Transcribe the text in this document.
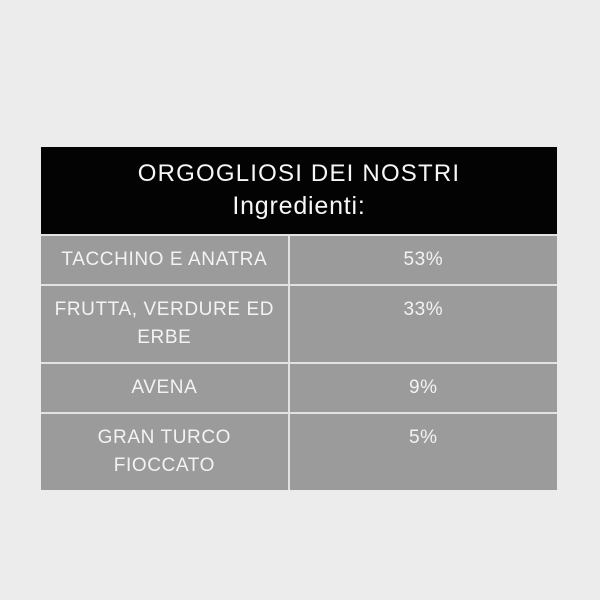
ORGOGLIOSI DEI NOSTRI
Ingredienti:
TACCHINO E ANATRA	53%
FRUTTA, VERDURE ED ERBE
33%
AVENA	9%
GRAN TURCO FIOCCATO
5%
